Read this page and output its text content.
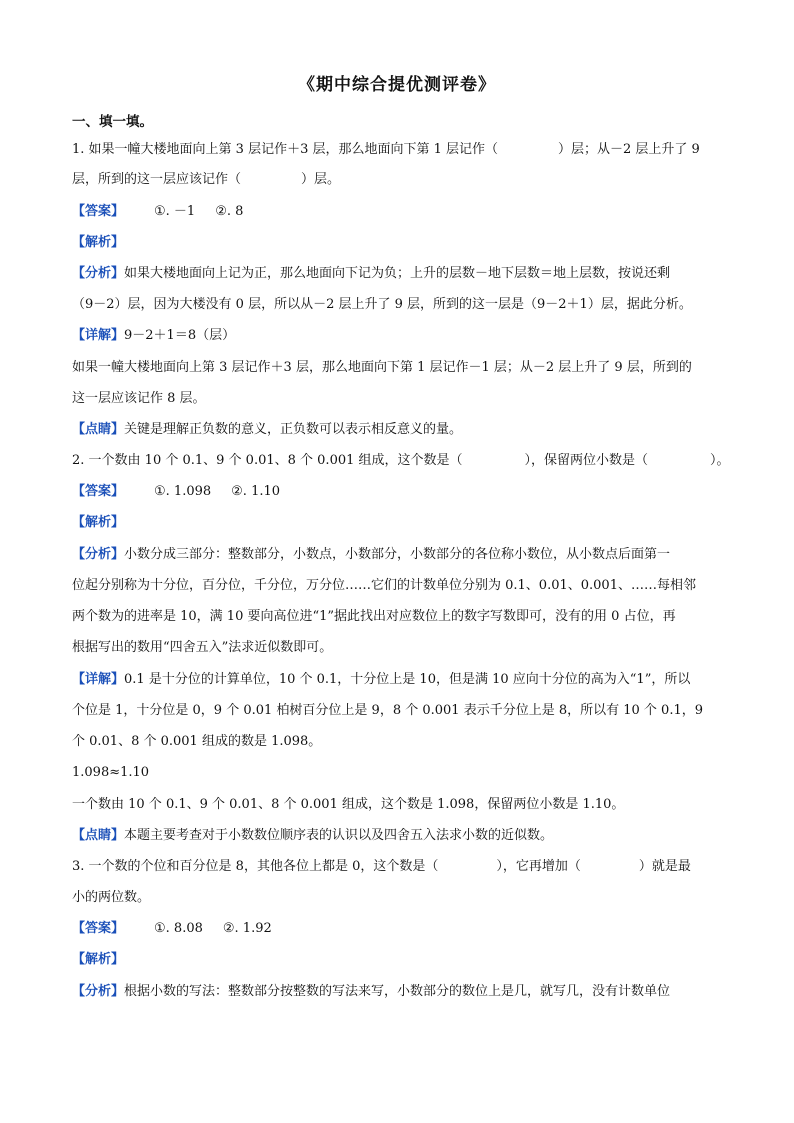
《期中综合提优测评卷》
一、填一填。
1. 如果一幢大楼地面向上第 3 层记作＋3 层，那么地面向下第 1 层记作（	）层；从－2 层上升了 9
层，所到的这一层应该记作（	）层。
【答案】 ①. －1 ②. 8
【解析】
【分析】如果大楼地面向上记为正，那么地面向下记为负；上升的层数－地下层数＝地上层数，按说还剩
（9－2）层，因为大楼没有 0 层，所以从－2 层上升了 9 层，所到的这一层是（9－2＋1）层，据此分析。
【详解】9－2＋1＝8（层）
如果一幢大楼地面向上第 3 层记作＋3 层，那么地面向下第 1 层记作－1 层；从－2 层上升了 9 层，所到的
这一层应该记作 8 层。
【点睛】关键是理解正负数的意义，正负数可以表示相反意义的量。
2. 一个数由 10 个 0.1、9 个 0.01、8 个 0.001 组成，这个数是（	），保留两位小数是（	）。
【答案】 ①. 1.098 ②. 1.10
【解析】
【分析】小数分成三部分：整数部分，小数点，小数部分，小数部分的各位称小数位，从小数点后面第一
位起分别称为十分位，百分位，千分位，万分位……它们的计数单位分别为 0.1、0.01、0.001、……每相邻
两个数为的进率是 10，满 10 要向高位进“1”据此找出对应数位上的数字写数即可，没有的用 0 占位，再
根据写出的数用“四舍五入”法求近似数即可。
【详解】0.1 是十分位的计算单位，10 个 0.1，十分位上是 10，但是满 10 应向十分位的高为入“1”，所以
个位是 1，十分位是 0，9 个 0.01 柏树百分位上是 9，8 个 0.001 表示千分位上是 8，所以有 10 个 0.1，9
个 0.01、8 个 0.001 组成的数是 1.098。
1.098≈1.10
一个数由 10 个 0.1、9 个 0.01、8 个 0.001 组成，这个数是 1.098，保留两位小数是 1.10。
【点睛】本题主要考查对于小数数位顺序表的认识以及四舍五入法求小数的近似数。
3. 一个数的个位和百分位是 8，其他各位上都是 0，这个数是（	），它再增加（	）就是最
小的两位数。
【答案】 ①. 8.08 ②. 1.92
【解析】
【分析】根据小数的写法：整数部分按整数的写法来写，小数部分的数位上是几，就写几，没有计数单位
